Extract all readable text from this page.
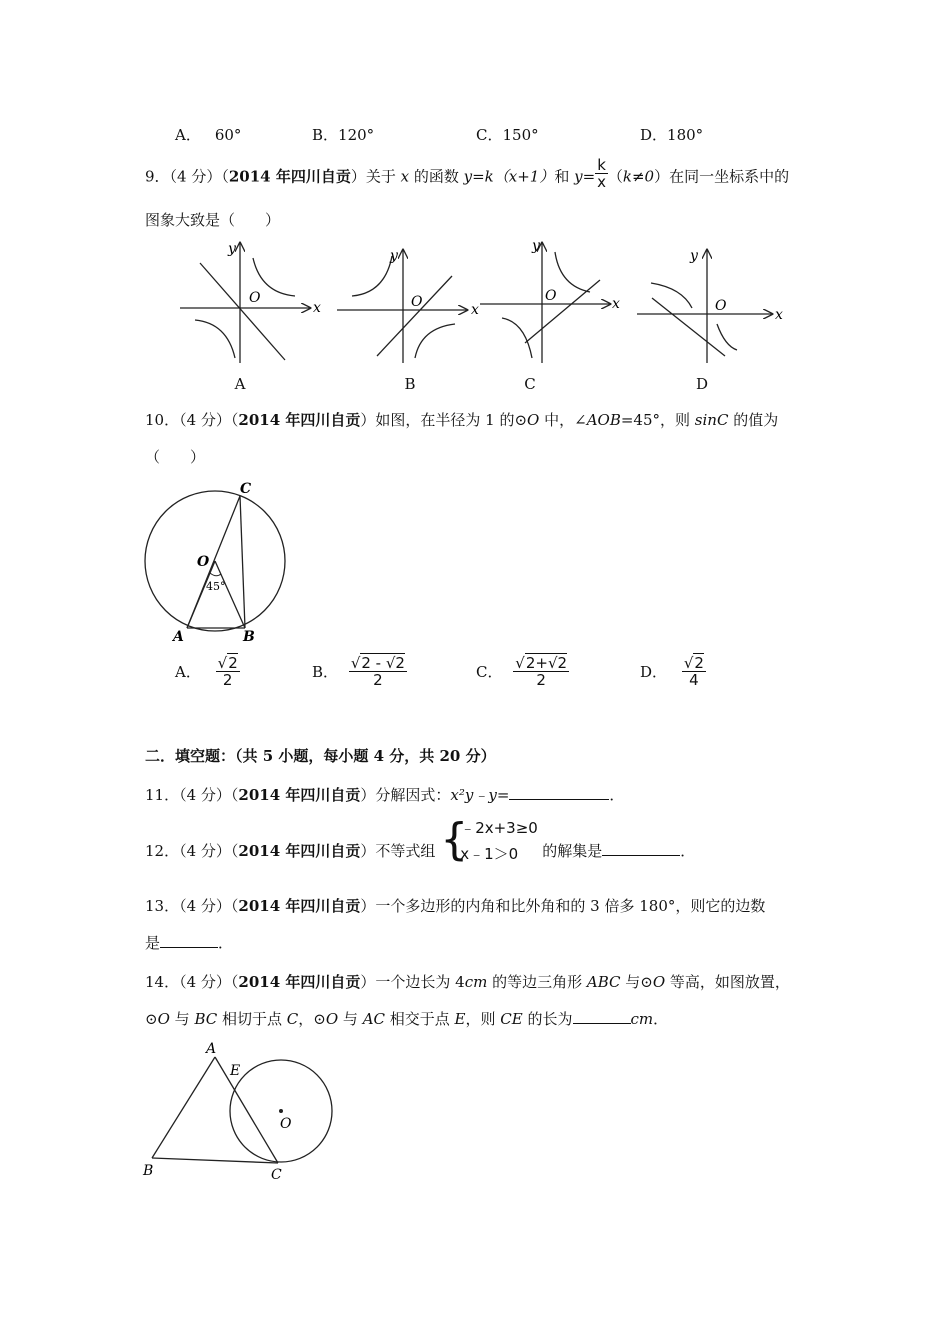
A． 60°	B．120°	C．150°	D．180°
9．（4 分）（2014 年四川自贡）关于 x 的函数 y=k（x+1）和 $y= \frac{k}{x} (k\ne 0)$在同一坐标系中的
图象大致是（　　）
y
x
O
y
x
O
y
x
O
y
x
O
A	B	C	D
10．（4 分）（2014 年四川自贡）如图，在半径为 1 的⊙O 中，∠AOB=45°，则 sinC 的值为
（　　）
C
O
45°
A	B
A． $\frac{√2}{2}$	B． $\frac{√2 - √2}{2}$	C． $\frac{√2+√2}{2}$	D． $\frac{√2}{4}$
二．填空题：（共 5 小题，每小题 4 分，共 20 分）
11．（4 分）（2014 年四川自贡）分解因式：x²y﹣y=	．
12．（4 分）（2014 年四川自贡）不等式组 {
﹣2x+3≥0
x﹣1＞0 的解集是	．
13．（4 分）（2014 年四川自贡）一个多边形的内角和比外角和的 3 倍多 180°，则它的边数
是	．
14．（4 分）（2014 年四川自贡）一个边长为 4cm 的等边三角形 ABC 与⊙O 等高，如图放置，
⊙O 与 BC 相切于点 C，⊙O 与 AC 相交于点 E，则 CE 的长为	cm．
A
E
O
B	C
